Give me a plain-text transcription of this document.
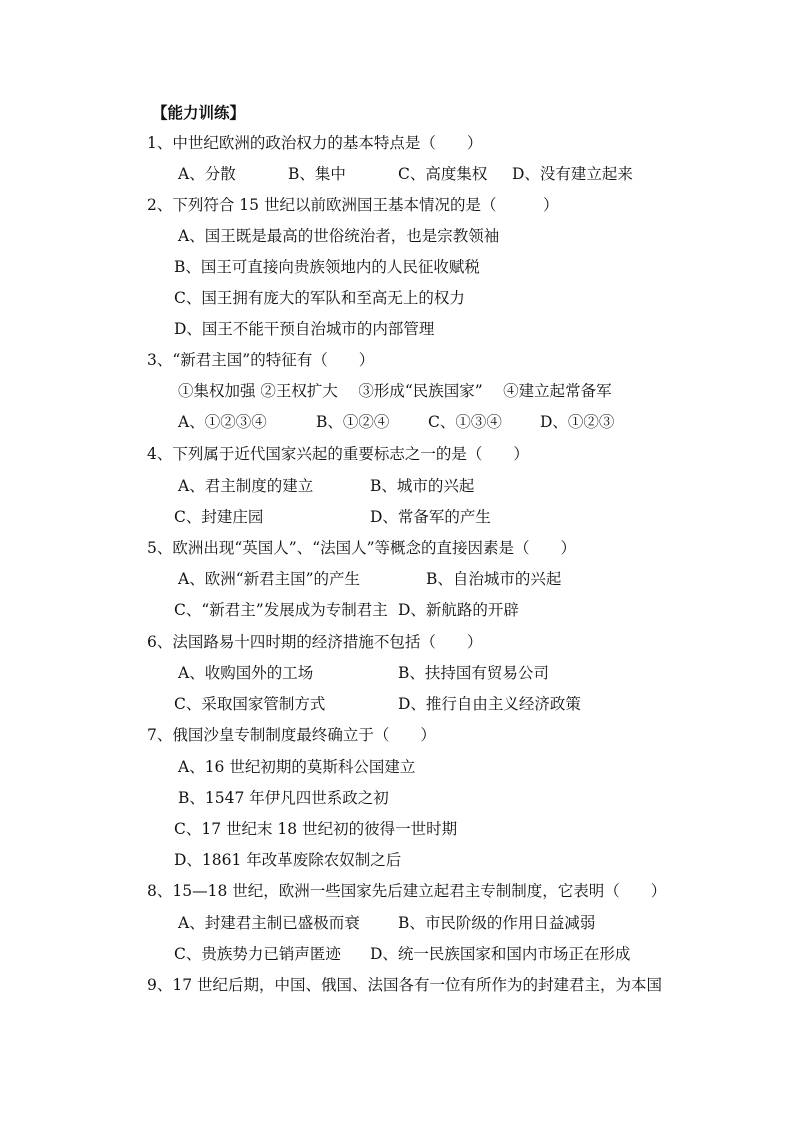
【能力训练】
1、中世纪欧洲的政治权力的基本特点是（　　）
A、分散	B、集中	C、高度集权 D、没有建立起来
2、下列符合 15 世纪以前欧洲国王基本情况的是（　　　）
A、国王既是最高的世俗统治者，也是宗教领袖
B、国王可直接向贵族领地内的人民征收赋税
C、国王拥有庞大的军队和至高无上的权力
D、国王不能干预自治城市的内部管理
3、“新君主国”的特征有（　　）
①集权加强 ②王权扩大　 ③形成“民族国家”　 ④建立起常备军
A、①②③④	B、①②④ C、①③④ D、①②③
4、下列属于近代国家兴起的重要标志之一的是（　　）
A、君主制度的建立	B、城市的兴起
C、封建庄园	D、常备军的产生
5、欧洲出现“英国人”、“法国人”等概念的直接因素是（　　）
A、欧洲“新君主国”的产生	B、自治城市的兴起
C、“新君主”发展成为专制君主 D、新航路的开辟
6、法国路易十四时期的经济措施不包括（　　）
A、收购国外的工场	B、扶持国有贸易公司
C、采取国家管制方式	D、推行自由主义经济政策
7、俄国沙皇专制制度最终确立于（　　）
A、16 世纪初期的莫斯科公国建立
B、1547 年伊凡四世系政之初
C、17 世纪末 18 世纪初的彼得一世时期
D、1861 年改革废除农奴制之后
8、15—18 世纪，欧洲一些国家先后建立起君主专制制度，它表明（　　）
A、封建君主制已盛极而衰 B、市民阶级的作用日益减弱
C、贵族势力已销声匿迹 D、统一民族国家和国内市场正在形成
9、17 世纪后期，中国、俄国、法国各有一位有所作为的封建君主，为本国
